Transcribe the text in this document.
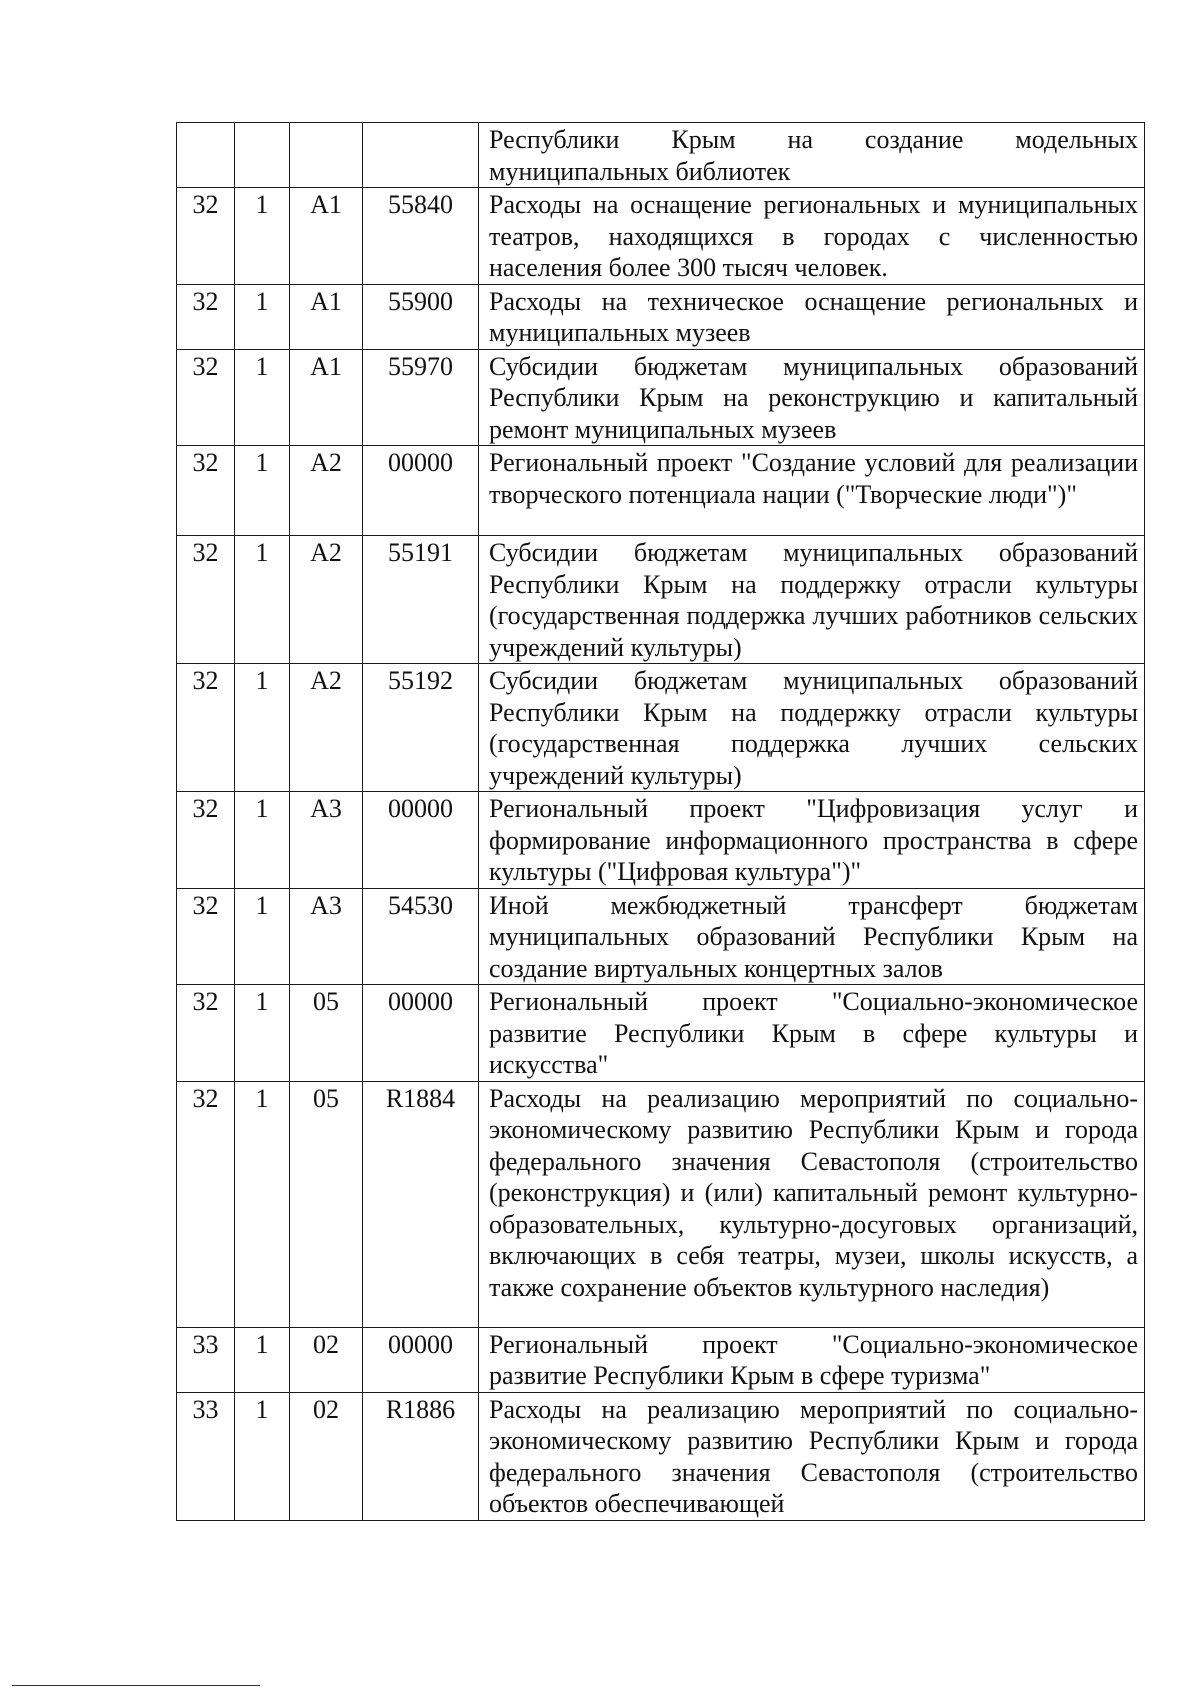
				Республики Крым на создание модельных муниципальных библиотек
32	1	А1	55840	Расходы на оснащение региональных и муниципальных театров, находящихся в городах с численностью населения более 300 тысяч человек.
32	1	А1	55900	Расходы на техническое оснащение региональных и муниципальных музеев
32	1	А1	55970	Субсидии бюджетам муниципальных образований Республики Крым на реконструкцию и капитальный ремонт муниципальных музеев
32	1	А2	00000	Региональный проект "Создание условий для реализации творческого потенциала нации ("Творческие люди")"
32	1	А2	55191	Субсидии бюджетам муниципальных образований Республики Крым на поддержку отрасли культуры (государственная поддержка лучших работников сельских учреждений культуры)
32	1	А2	55192	Субсидии бюджетам муниципальных образований Республики Крым на поддержку отрасли культуры (государственная поддержка лучших сельских учреждений культуры)
32	1	А3	00000	Региональный проект "Цифровизация услуг и формирование информационного пространства в сфере культуры ("Цифровая культура")"
32	1	А3	54530	Иной межбюджетный трансферт бюджетам муниципальных образований Республики Крым на создание виртуальных концертных залов
32	1	05	00000	Региональный проект "Социально-экономическое развитие Республики Крым в сфере культуры и искусства"
32	1	05	R1884	Расходы на реализацию мероприятий по социально-экономическому развитию Республики Крым и города федерального значения Севастополя (строительство (реконструкция) и (или) капитальный ремонт культурно-образовательных, культурно-досуговых организаций, включающих в себя театры, музеи, школы искусств, а также сохранение объектов культурного наследия)
33	1	02	00000	Региональный проект "Социально-экономическое развитие Республики Крым в сфере туризма"
33	1	02	R1886	Расходы на реализацию мероприятий по социально-экономическому развитию Республики Крым и города федерального значения Севастополя (строительство объектов обеспечивающей
